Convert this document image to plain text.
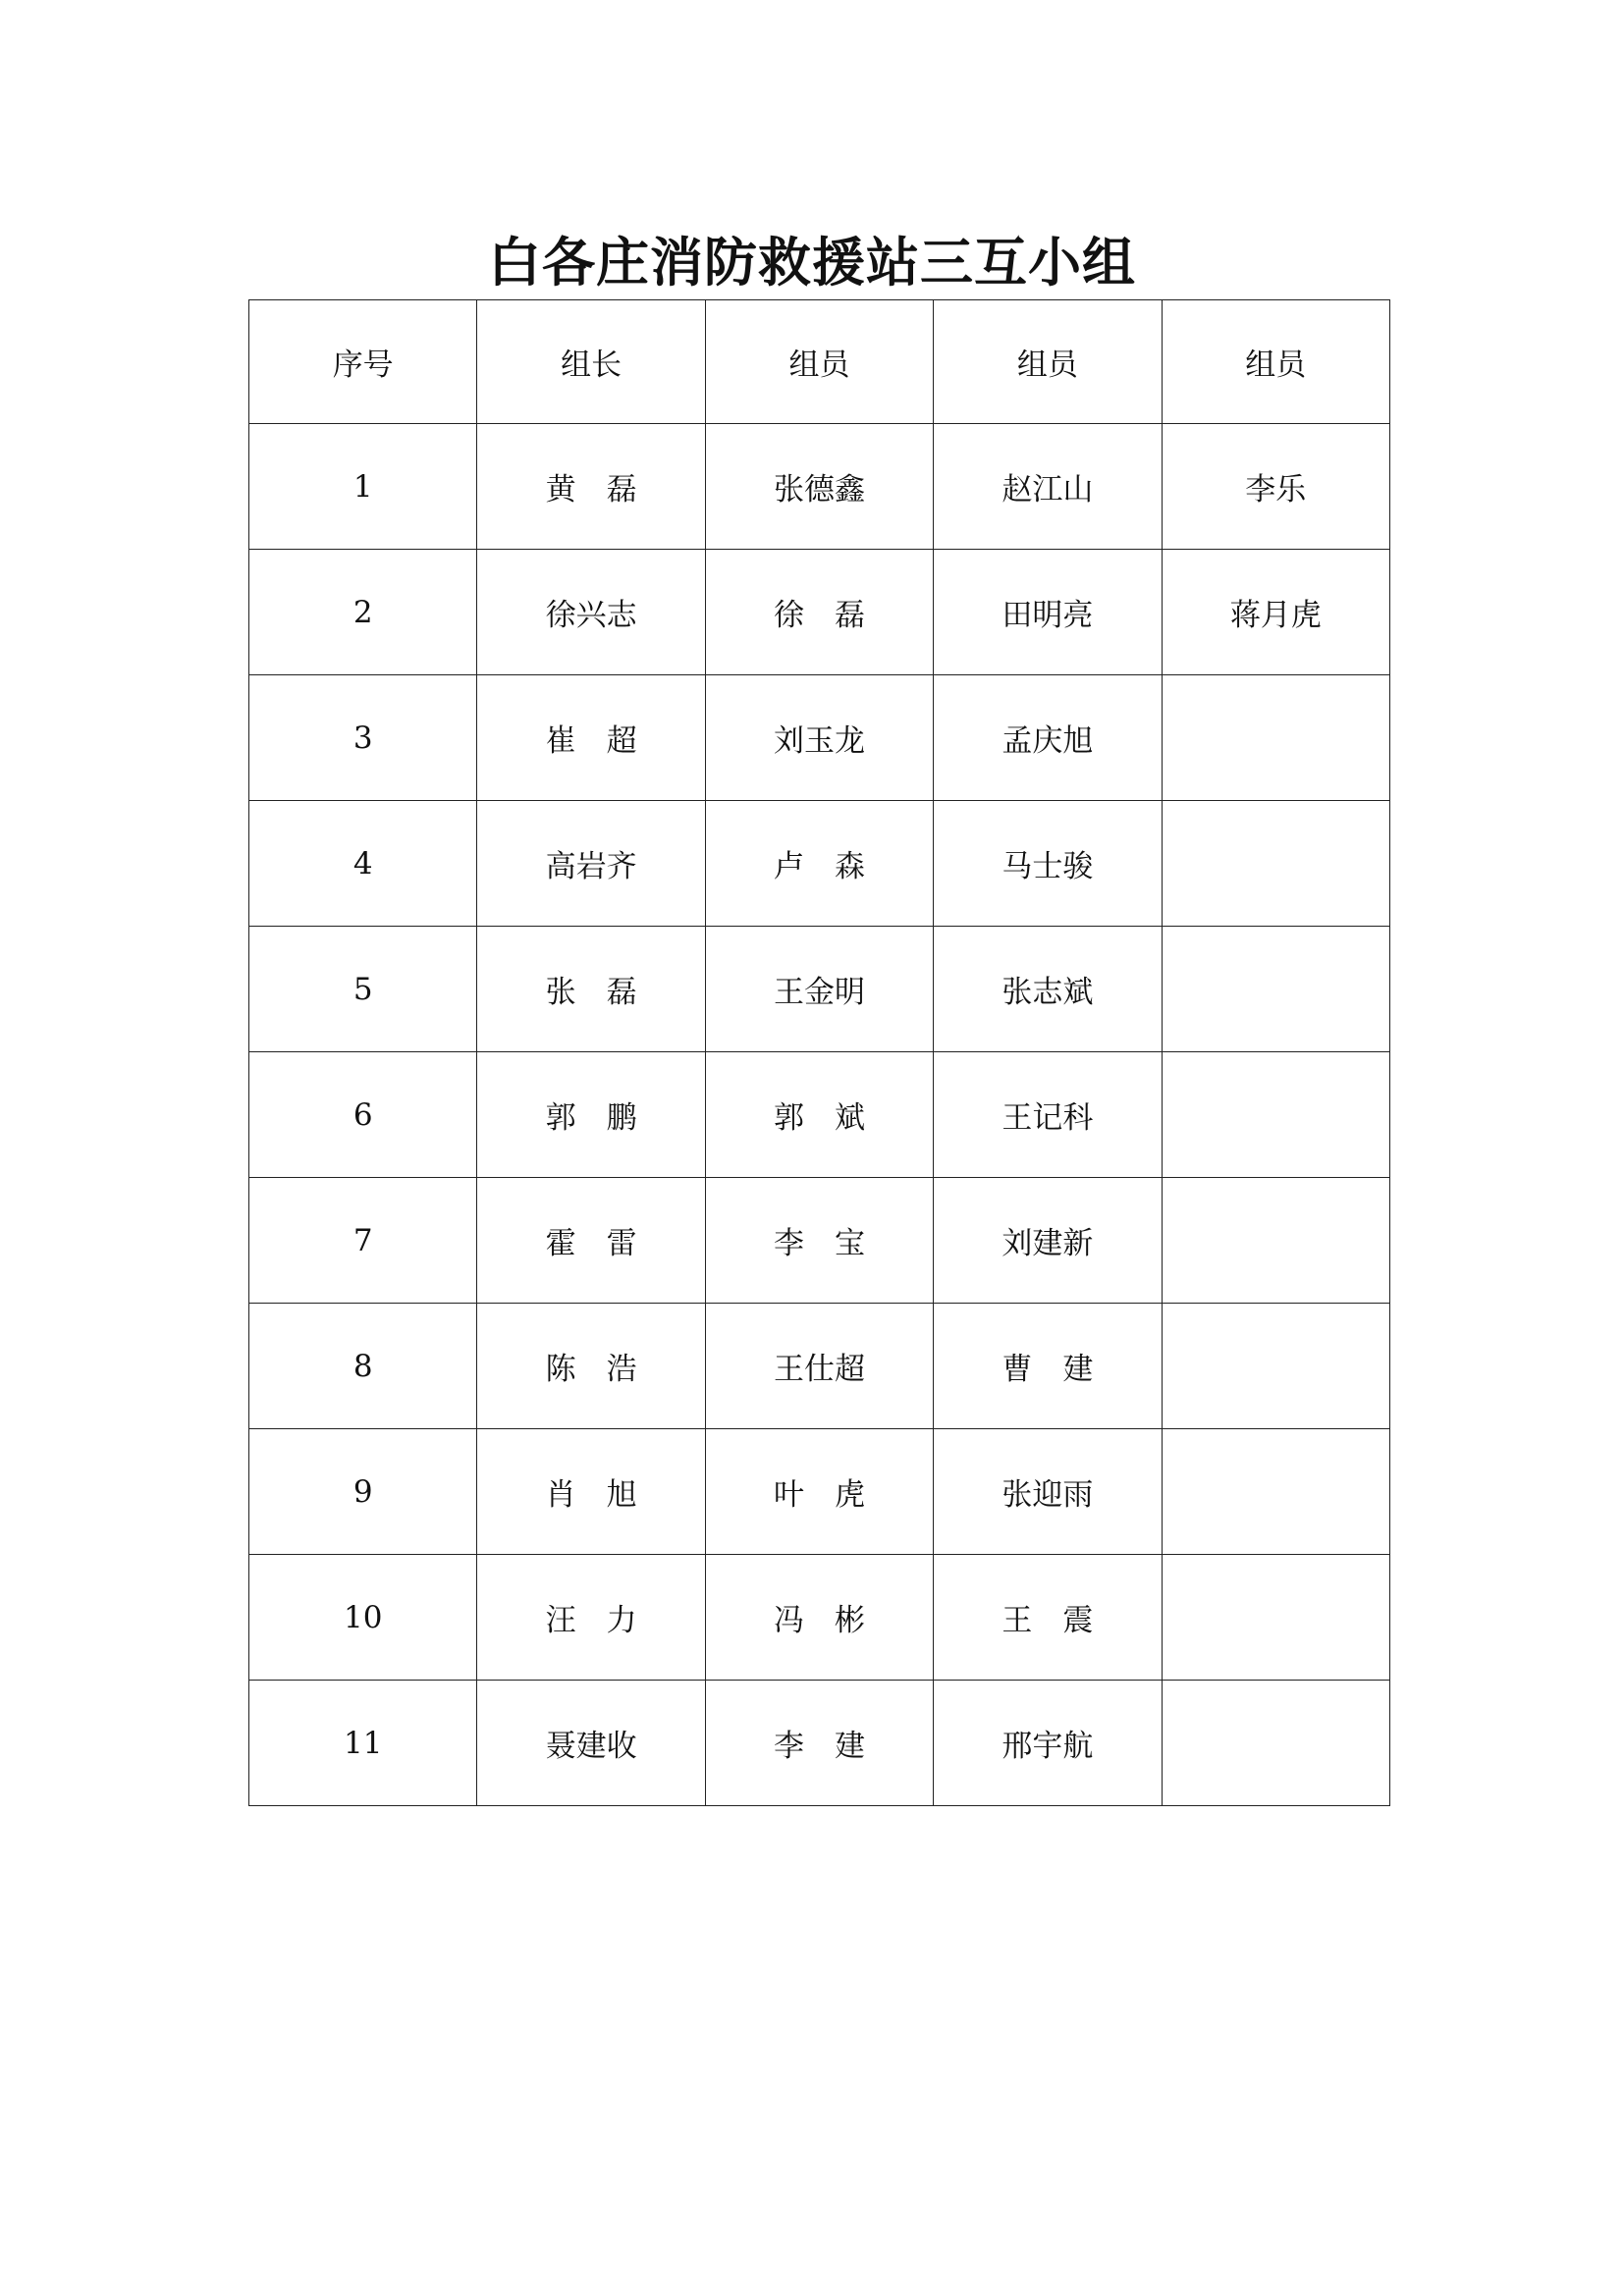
白各庄消防救援站三互小组
序号	组长	组员	组员	组员
1	黄　磊	张德鑫	赵江山	李乐
2	徐兴志	徐　磊	田明亮	蒋月虎
3	崔　超	刘玉龙	孟庆旭	
4	高岩齐	卢　森	马士骏	
5	张　磊	王金明	张志斌	
6	郭　鹏	郭　斌	王记科	
7	霍　雷	李　宝	刘建新	
8	陈　浩	王仕超	曹　建	
9	肖　旭	叶　虎	张迎雨	
10	汪　力	冯　彬	王　震	
11	聂建收	李　建	邢宇航	
